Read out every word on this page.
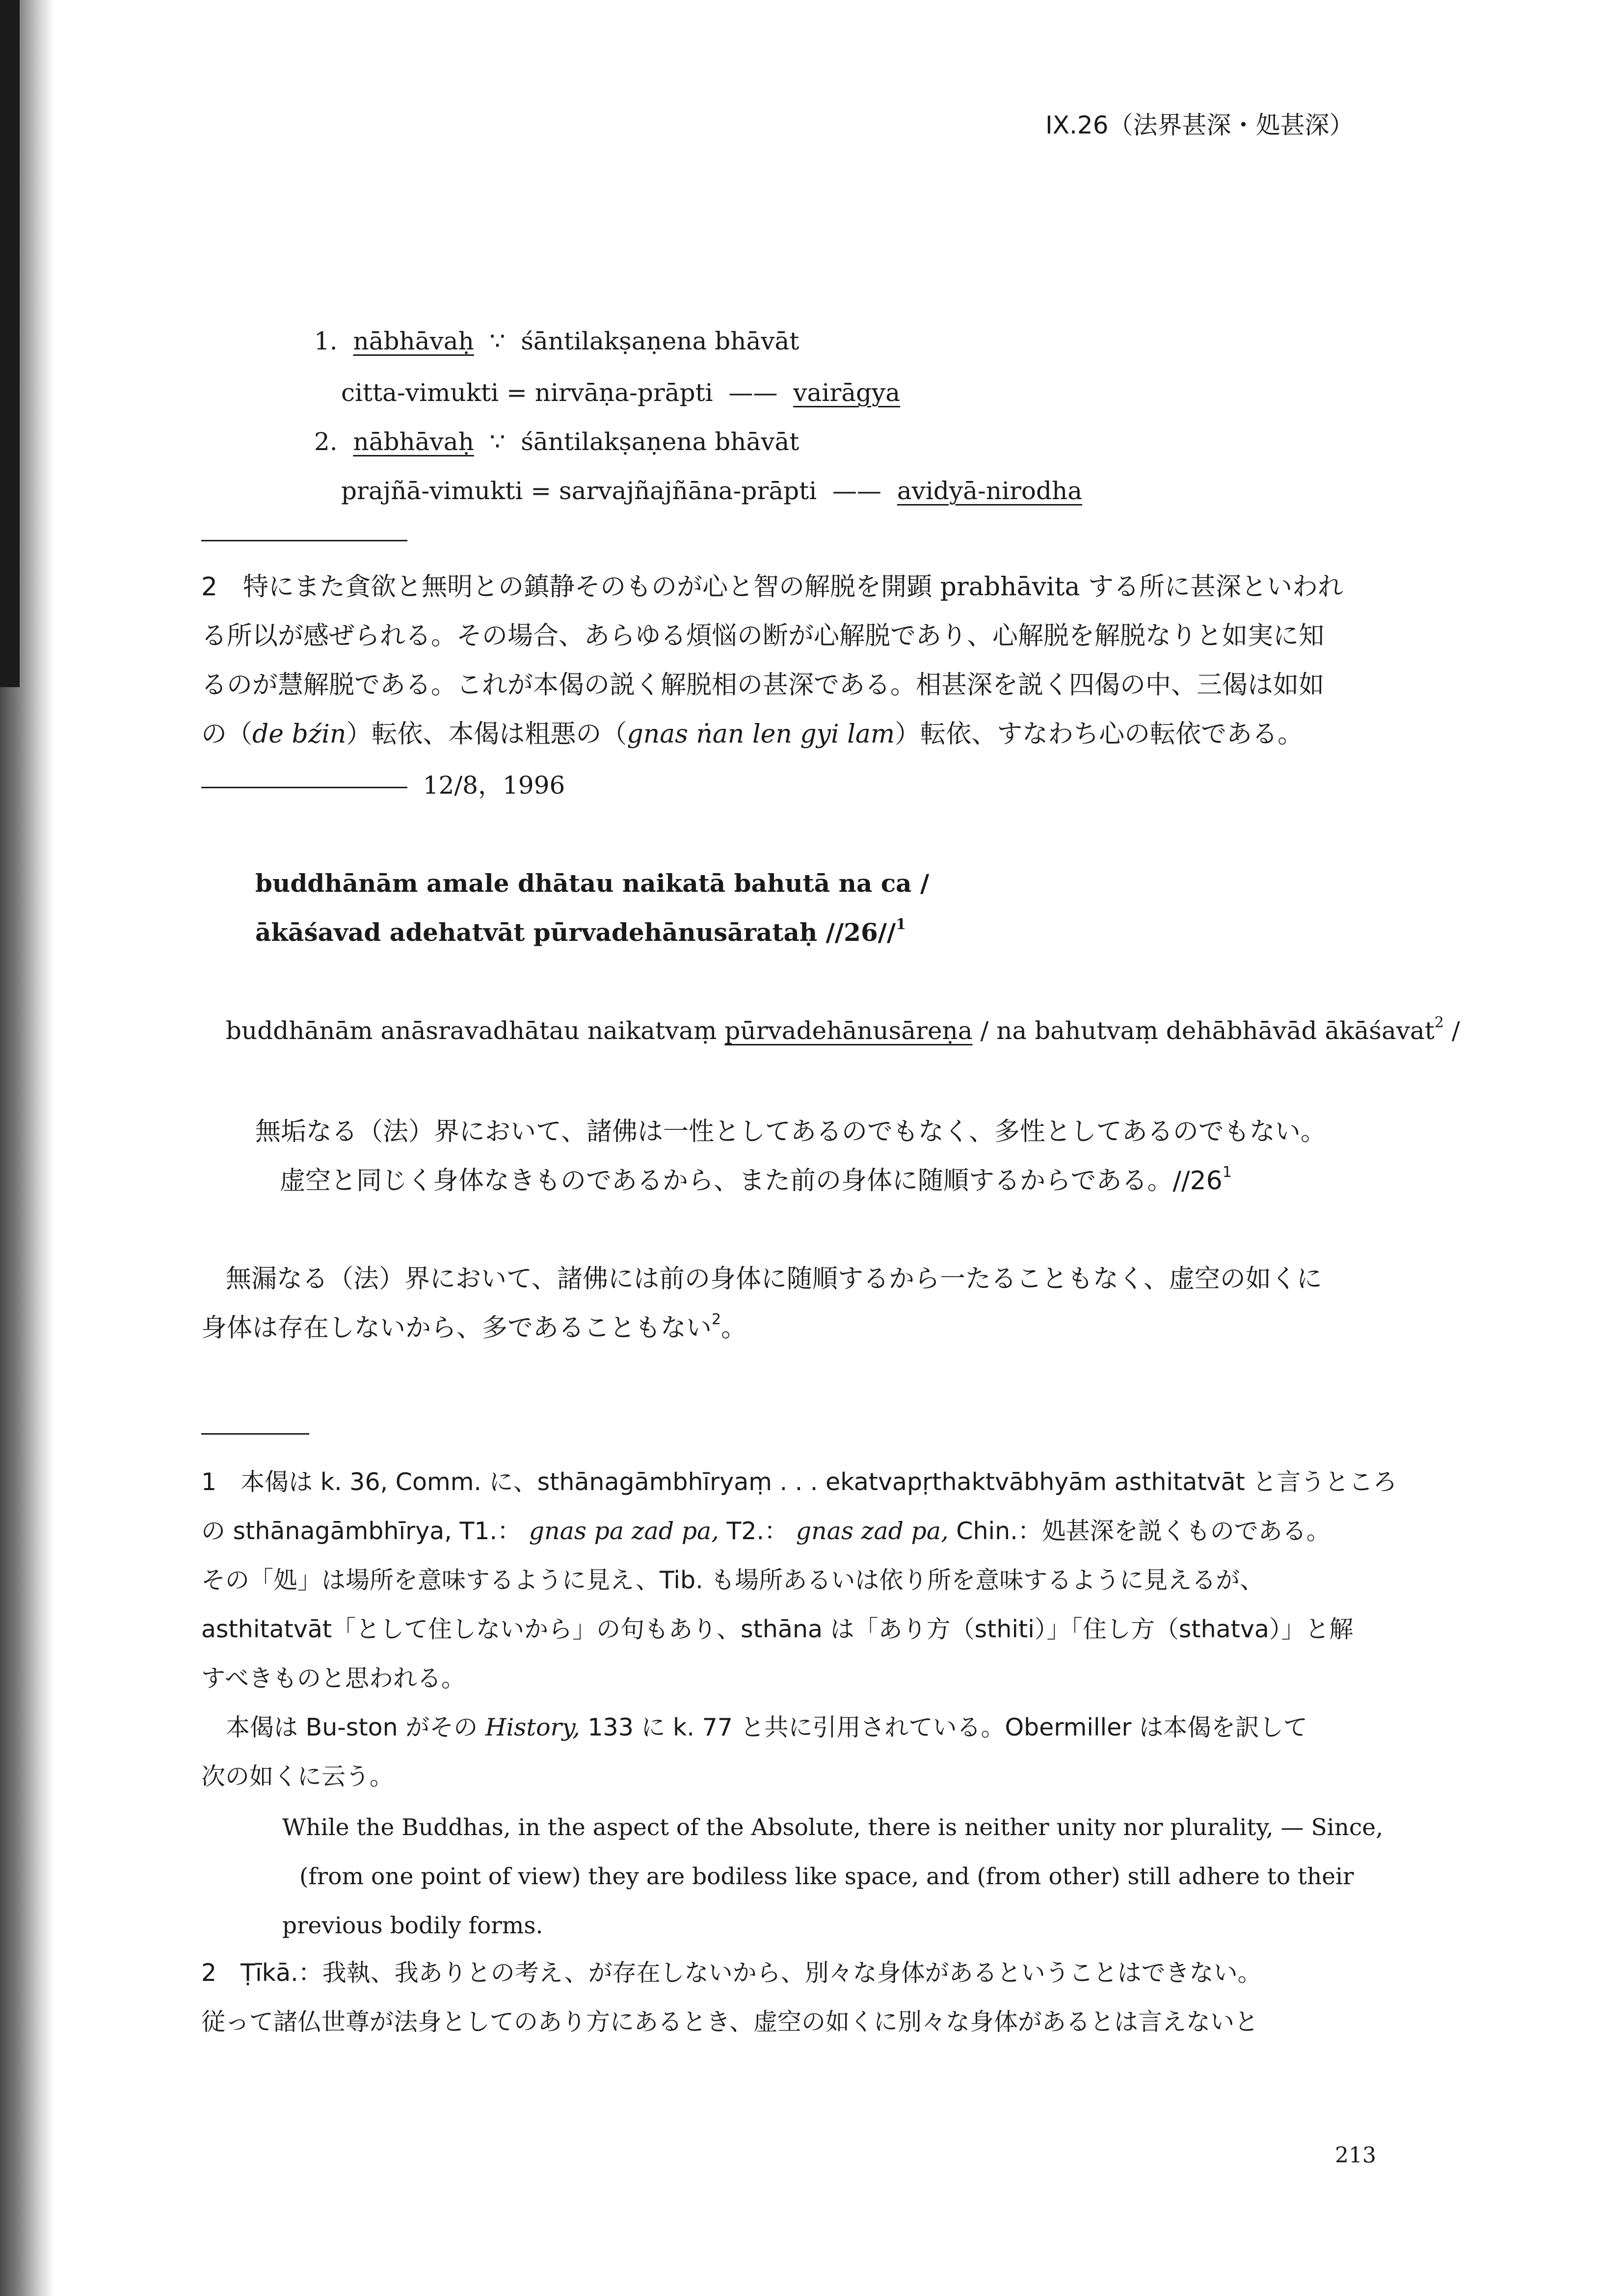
IX.26（法界甚深・処甚深）
1. nābhāvaḥ ∵ śāntilakṣaṇena bhāvāt
citta-vimukti = nirvāṇa-prāpti —— vairāgya
2. nābhāvaḥ ∵ śāntilakṣaṇena bhāvāt
prajñā-vimukti = sarvajñajñāna-prāpti —— avidyā-nirodha
2　特にまた貪欲と無明との鎮静そのものが心と智の解脱を開顕 prabhāvita する所に甚深といわれ
る所以が感ぜられる。その場合、あらゆる煩悩の断が心解脱であり、心解脱を解脱なりと如実に知
るのが慧解脱である。これが本偈の説く解脱相の甚深である。相甚深を説く四偈の中、三偈は如如
の（de bźin）転依、本偈は粗悪の（gnas ṅan len gyi lam）転依、すなわち心の転依である。
12/8，1996
buddhānām amale dhātau naikatā bahutā na ca /
ākāśavad adehatvāt pūrvadehānusārataḥ //26//$^1$
buddhānām anāsravadhātau naikatvaṃ pūrvadehānusāreṇa / na bahutvaṃ dehābhāvād ākāśavat$^2$ /
無垢なる（法）界において、諸佛は一性としてあるのでもなく、多性としてあるのでもない。
虚空と同じく身体なきものであるから、また前の身体に随順するからである。$//26^1$
無漏なる（法）界において、諸佛には前の身体に随順するから一たることもなく、虚空の如くに
身体は存在しないから、多であることもない$^2$。
1　本偈は k. 36, Comm. に、sthānagāmbhīryaṃ . . . ekatvapṛthaktvābhyām asthitatvāt と言うところ
の sthānagāmbhīrya, T1.： gnas pa zad pa, T2.： gnas zad pa, Chin.：処甚深を説くものである。
その「処」は場所を意味するように見え、Tib. も場所あるいは依り所を意味するように見えるが、
asthitatvāt「として住しないから」の句もあり、sthāna は「あり方（sthiti）」「住し方（sthatva）」と解
すべきものと思われる。
本偈は Bu-ston がその History, 133 に k. 77 と共に引用されている。Obermiller は本偈を訳して
次の如くに云う。
While the Buddhas, in the aspect of the Absolute, there is neither unity nor plurality, — Since,
(from one point of view) they are bodiless like space, and (from other) still adhere to their
previous bodily forms.
2　Ṭīkā.：我執、我ありとの考え、が存在しないから、別々な身体があるということはできない。
従って諸仏世尊が法身としてのあり方にあるとき、虚空の如くに別々な身体があるとは言えないと
213
